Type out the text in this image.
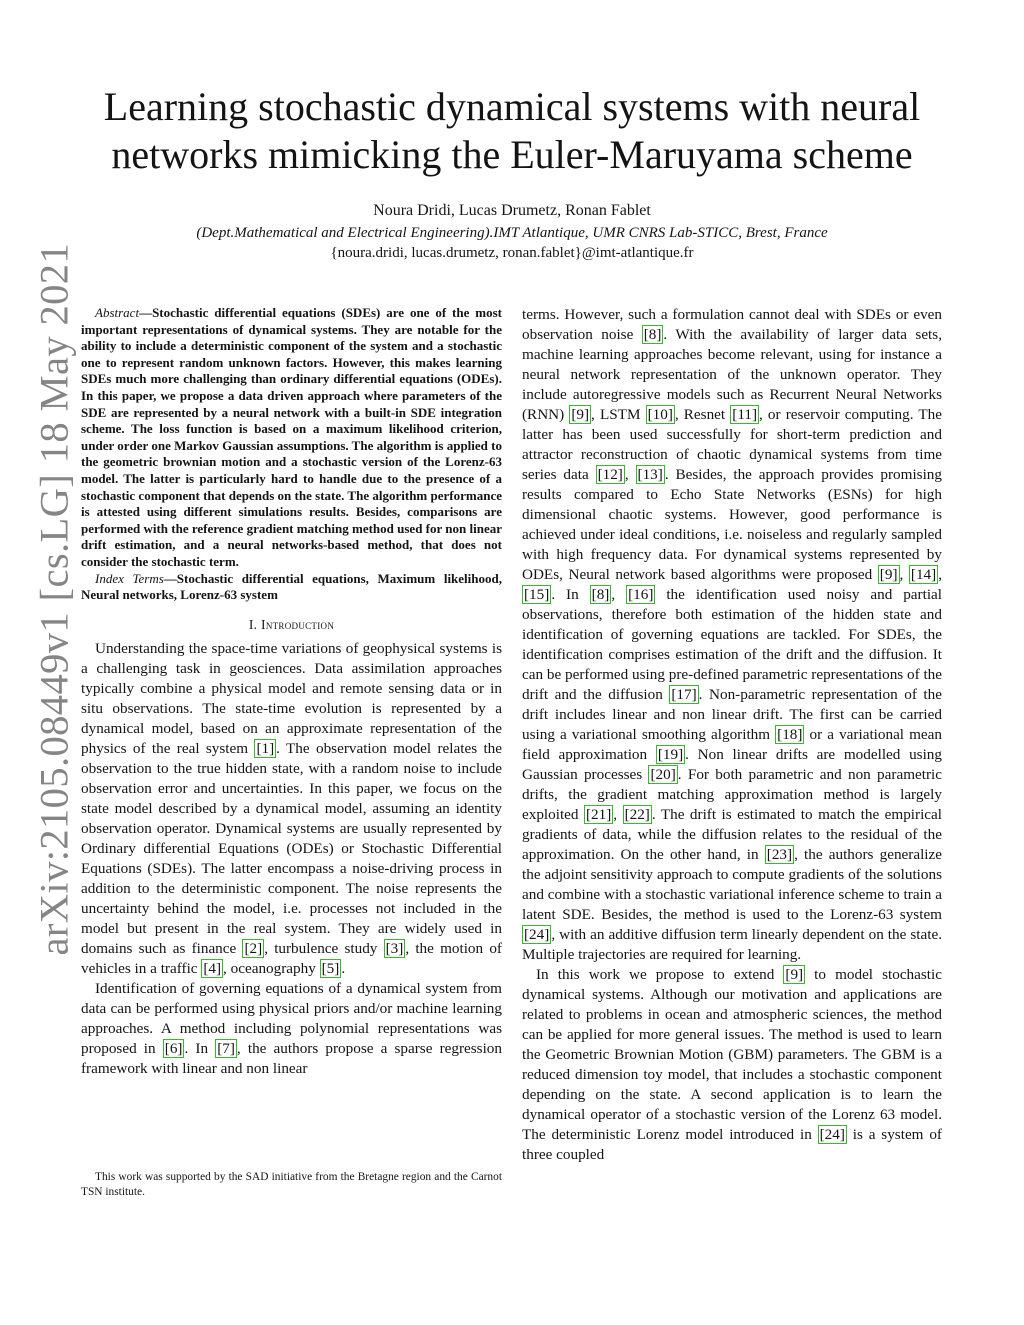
arXiv:2105.08449v1 [cs.LG] 18 May 2021
Learning stochastic dynamical systems with neural networks mimicking the Euler-Maruyama scheme
Noura Dridi, Lucas Drumetz, Ronan Fablet
(Dept.Mathematical and Electrical Engineering).IMT Atlantique, UMR CNRS Lab-STICC, Brest, France
{noura.dridi, lucas.drumetz, ronan.fablet}@imt-atlantique.fr

Abstract—Stochastic differential equations (SDEs) are one of the most important representations of dynamical systems. They are notable for the ability to include a deterministic component of the system and a stochastic one to represent random unknown factors. However, this makes learning SDEs much more challenging than ordinary differential equations (ODEs). In this paper, we propose a data driven approach where parameters of the SDE are represented by a neural network with a built-in SDE integration scheme. The loss function is based on a maximum likelihood criterion, under order one Markov Gaussian assumptions. The algorithm is applied to the geometric brownian motion and a stochastic version of the Lorenz-63 model. The latter is particularly hard to handle due to the presence of a stochastic component that depends on the state. The algorithm performance is attested using different simulations results. Besides, comparisons are performed with the reference gradient matching method used for non linear drift estimation, and a neural networks-based method, that does not consider the stochastic term.

Index Terms—Stochastic differential equations, Maximum likelihood, Neural networks, Lorenz-63 system

I. Introduction

Understanding the space-time variations of geophysical systems is a challenging task in geosciences. Data assimilation approaches typically combine a physical model and remote sensing data or in situ observations. The state-time evolution is represented by a dynamical model, based on an approximate representation of the physics of the real system [1] . The observation model relates the observation to the true hidden state, with a random noise to include observation error and uncertainties. In this paper, we focus on the state model described by a dynamical model, assuming an identity observation operator. Dynamical systems are usually represented by Ordinary differential Equations (ODEs) or Stochastic Differential Equations (SDEs). The latter encompass a noise-driving process in addition to the deterministic component. The noise represents the uncertainty behind the model, i.e. processes not included in the model but present in the real system. They are widely used in domains such as finance [2] , turbulence study [3] , the motion of vehicles in a traffic [4] , oceanography [5] .

Identification of governing equations of a dynamical system from data can be performed using physical priors and/or machine learning approaches. A method including polynomial representations was proposed in [6] . In [7] , the authors propose a sparse regression framework with linear and non linear

This work was supported by the SAD initiative from the Bretagne region and the Carnot TSN institute.

terms. However, such a formulation cannot deal with SDEs or even observation noise [8] . With the availability of larger data sets, machine learning approaches become relevant, using for instance a neural network representation of the unknown operator. They include autoregressive models such as Recurrent Neural Networks (RNN) [9] , LSTM [10] , Resnet [11] , or reservoir computing. The latter has been used successfully for short-term prediction and attractor reconstruction of chaotic dynamical systems from time series data [12] , [13] . Besides, the approach provides promising results compared to Echo State Networks (ESNs) for high dimensional chaotic systems. However, good performance is achieved under ideal conditions, i.e. noiseless and regularly sampled with high frequency data. For dynamical systems represented by ODEs, Neural network based algorithms were proposed [9] , [14] , [15] . In [8] , [16] the identification used noisy and partial observations, therefore both estimation of the hidden state and identification of governing equations are tackled. For SDEs, the identification comprises estimation of the drift and the diffusion. It can be performed using pre-defined parametric representations of the drift and the diffusion [17] . Non-parametric representation of the drift includes linear and non linear drift. The first can be carried using a variational smoothing algorithm [18] or a variational mean field approximation [19] . Non linear drifts are modelled using Gaussian processes [20] . For both parametric and non parametric drifts, the gradient matching approximation method is largely exploited [21] , [22] . The drift is estimated to match the empirical gradients of data, while the diffusion relates to the residual of the approximation. On the other hand, in [23] , the authors generalize the adjoint sensitivity approach to compute gradients of the solutions and combine with a stochastic variational inference scheme to train a latent SDE. Besides, the method is used to the Lorenz-63 system [24] , with an additive diffusion term linearly dependent on the state. Multiple trajectories are required for learning.

In this work we propose to extend [9] to model stochastic dynamical systems. Although our motivation and applications are related to problems in ocean and atmospheric sciences, the method can be applied for more general issues. The method is used to learn the Geometric Brownian Motion (GBM) parameters. The GBM is a reduced dimension toy model, that includes a stochastic component depending on the state. A second application is to learn the dynamical operator of a stochastic version of the Lorenz 63 model. The deterministic Lorenz model introduced in [24] is a system of three coupled
